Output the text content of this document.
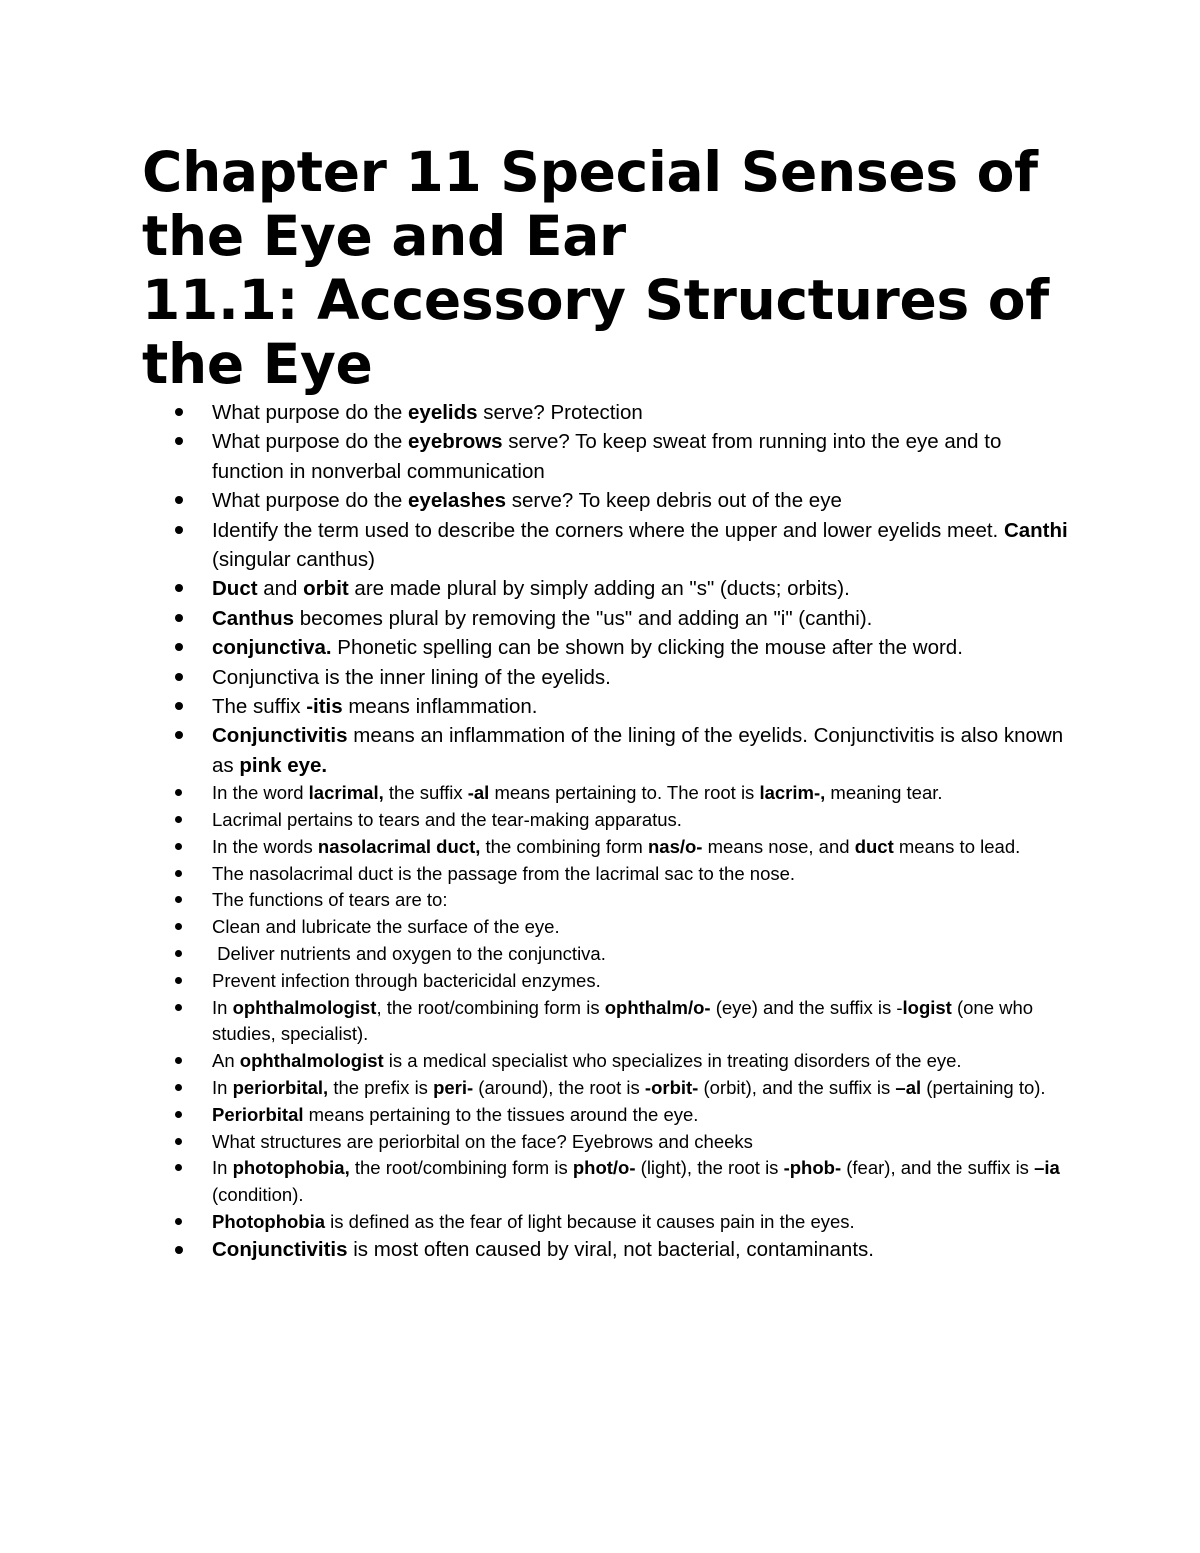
Chapter 11 Special Senses of
the Eye and Ear
11.1: Accessory Structures of
the Eye
What purpose do the eyelids serve? Protection
What purpose do the eyebrows serve? To keep sweat from running into the eye and to function in nonverbal communication
What purpose do the eyelashes serve? To keep debris out of the eye
Identify the term used to describe the corners where the upper and lower eyelids meet. Canthi (singular canthus)
Duct and orbit are made plural by simply adding an "s" (ducts; orbits).
Canthus becomes plural by removing the "us" and adding an "i" (canthi).
conjunctiva. Phonetic spelling can be shown by clicking the mouse after the word.
Conjunctiva is the inner lining of the eyelids.
The suffix -itis means inflammation.
Conjunctivitis means an inflammation of the lining of the eyelids. Conjunctivitis is also known as pink eye.
In the word lacrimal, the suffix -al means pertaining to. The root is lacrim-, meaning tear.
Lacrimal pertains to tears and the tear-making apparatus.
In the words nasolacrimal duct, the combining form nas/o- means nose, and duct means to lead.
The nasolacrimal duct is the passage from the lacrimal sac to the nose.
The functions of tears are to:
Clean and lubricate the surface of the eye.
Deliver nutrients and oxygen to the conjunctiva.
Prevent infection through bactericidal enzymes.
In ophthalmologist, the root/combining form is ophthalm/o- (eye) and the suffix is -logist (one who studies, specialist).
An ophthalmologist is a medical specialist who specializes in treating disorders of the eye.
In periorbital, the prefix is peri- (around), the root is -orbit- (orbit), and the suffix is –al (pertaining to).
Periorbital means pertaining to the tissues around the eye.
What structures are periorbital on the face? Eyebrows and cheeks
In photophobia, the root/combining form is phot/o- (light), the root is -phob- (fear), and the suffix is –ia (condition).
Photophobia is defined as the fear of light because it causes pain in the eyes.
Conjunctivitis is most often caused by viral, not bacterial, contaminants.
